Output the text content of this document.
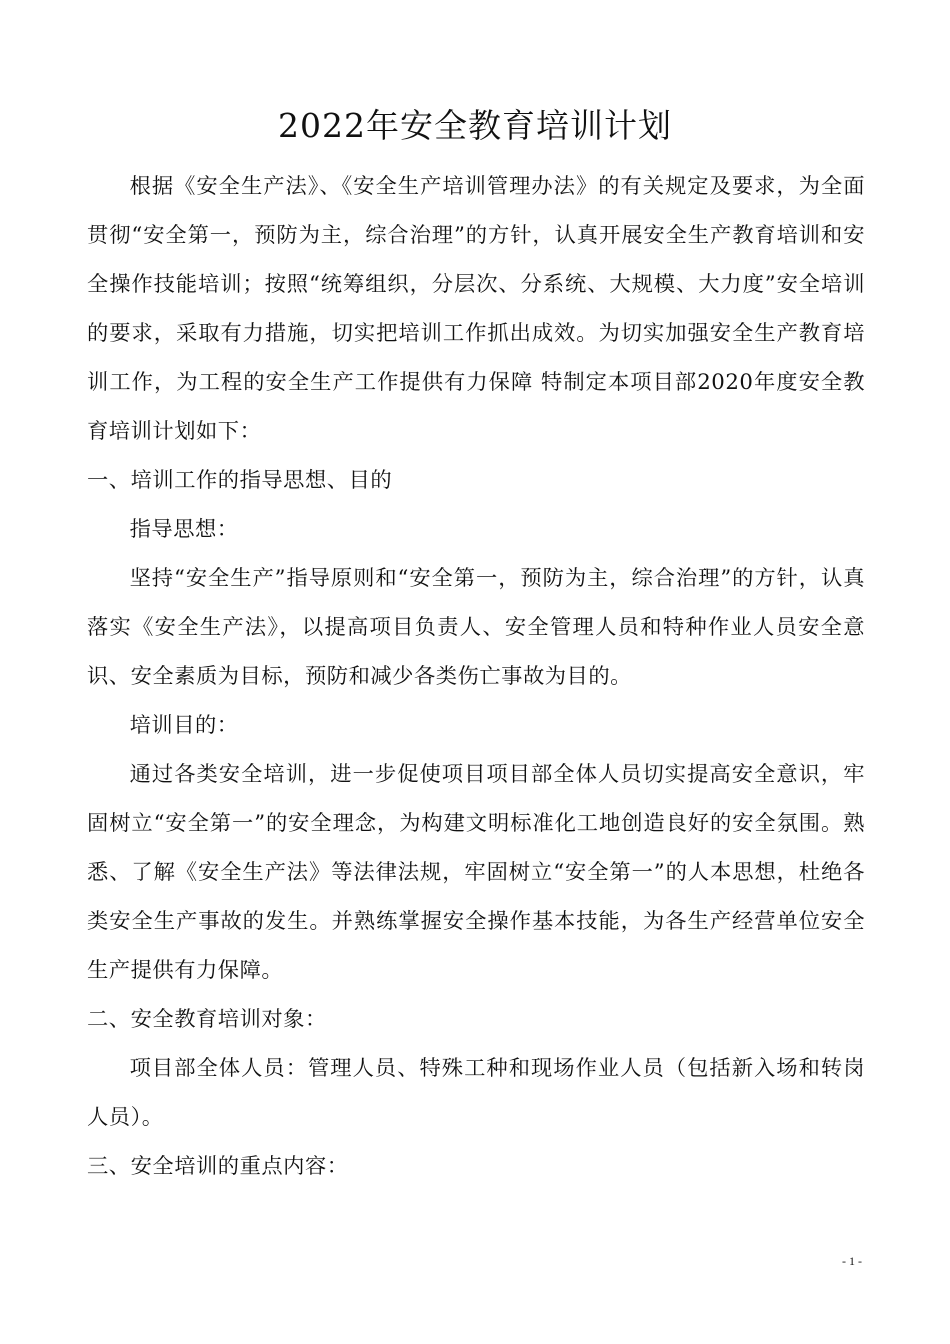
2022年安全教育培训计划

根据《安全生产法》、《安全生产培训管理办法》的有关规定及要求，为全面贯彻“安全第一，预防为主，综合治理”的方针，认真开展安全生产教育培训和安全操作技能培训；按照“统筹组织，分层次、分系统、大规模、大力度”安全培训的要求，采取有力措施，切实把培训工作抓出成效。为切实加强安全生产教育培训工作，为工程的安全生产工作提供有力保障 特制定本项目部2020年度安全教育培训计划如下：

一、培训工作的指导思想、目的

指导思想：

坚持“安全生产”指导原则和“安全第一，预防为主，综合治理”的方针，认真落实《安全生产法》，以提高项目负责人、安全管理人员和特种作业人员安全意识、安全素质为目标，预防和减少各类伤亡事故为目的。

培训目的：

通过各类安全培训，进一步促使项目项目部全体人员切实提高安全意识，牢固树立“安全第一”的安全理念，为构建文明标准化工地创造良好的安全氛围。熟悉、了解《安全生产法》等法律法规，牢固树立“安全第一”的人本思想，杜绝各类安全生产事故的发生。并熟练掌握安全操作基本技能，为各生产经营单位安全生产提供有力保障。

二、安全教育培训对象：

项目部全体人员：管理人员、特殊工种和现场作业人员（包括新入场和转岗人员）。

三、安全培训的重点内容：

- 1 -
